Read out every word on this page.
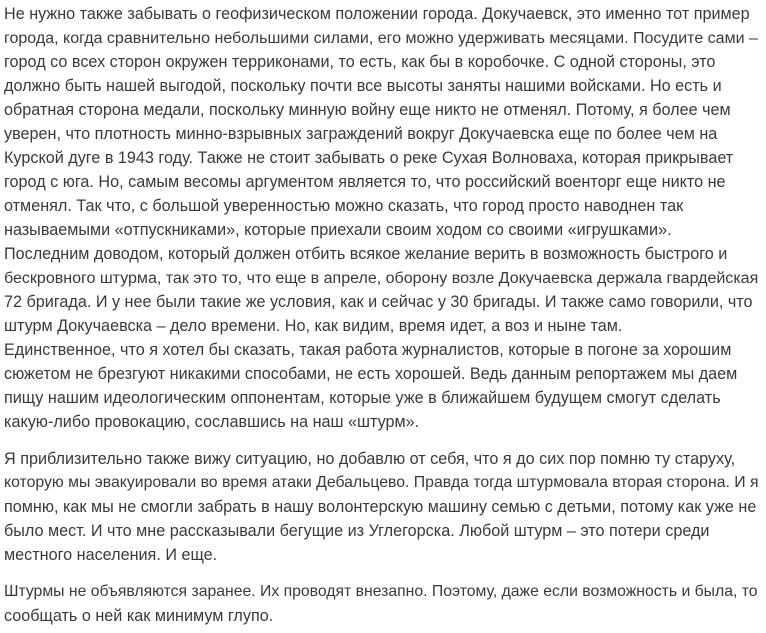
Не нужно также забывать о геофизическом положении города. Докучаевск, это именно тот пример
города, когда сравнительно небольшими силами, его можно удерживать месяцами. Посудите сами –
город со всех сторон окружен терриконами, то есть, как бы в коробочке. С одной стороны, это
должно быть нашей выгодой, поскольку почти все высоты заняты нашими войсками. Но есть и
обратная сторона медали, поскольку минную войну еще никто не отменял. Потому, я более чем
уверен, что плотность минно-взрывных заграждений вокруг Докучаевска еще по более чем на
Курской дуге в 1943 году. Также не стоит забывать о реке Сухая Волноваха, которая прикрывает
город с юга. Но, самым весомы аргументом является то, что российский военторг еще никто не
отменял. Так что, с большой уверенностью можно сказать, что город просто наводнен так
называемыми «отпускниками», которые приехали своим ходом со своими «игрушками».
Последним доводом, который должен отбить всякое желание верить в возможность быстрого и
бескровного штурма, так это то, что еще в апреле, оборону возле Докучаевска держала гвардейская
72 бригада. И у нее были такие же условия, как и сейчас у 30 бригады. И также само говорили, что
штурм Докучаевска – дело времени. Но, как видим, время идет, а воз и ныне там.
Единственное, что я хотел бы сказать, такая работа журналистов, которые в погоне за хорошим
сюжетом не брезгуют никакими способами, не есть хорошей. Ведь данным репортажем мы даем
пищу нашим идеологическим оппонентам, которые уже в ближайшем будущем смогут сделать
какую-либо провокацию, сославшись на наш «штурм».
Я приблизительно также вижу ситуацию, но добавлю от себя, что я до сих пор помню ту старуху,
которую мы эвакуировали во время атаки Дебальцево. Правда тогда штурмовала вторая сторона. И я
помню, как мы не смогли забрать в нашу волонтерскую машину семью с детьми, потому как уже не
было мест. И что мне рассказывали бегущие из Углегорска. Любой штурм – это потери среди
местного населения. И еще.
Штурмы не объявляются заранее. Их проводят внезапно. Поэтому, даже если возможность и была, то
сообщать о ней как минимум глупо.
